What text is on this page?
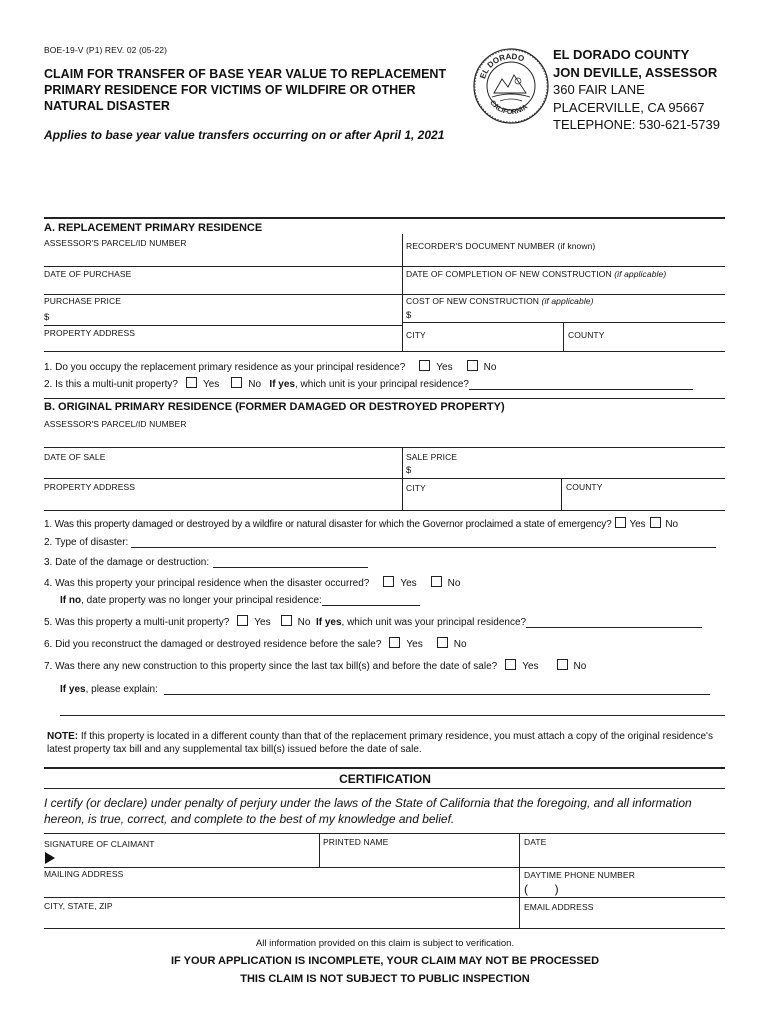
BOE-19-V (P1) REV. 02 (05-22)
CLAIM FOR TRANSFER OF BASE YEAR VALUE TO REPLACEMENT
PRIMARY RESIDENCE FOR VICTIMS OF WILDFIRE OR OTHER
NATURAL DISASTER
Applies to base year value transfers occurring on or after April 1, 2021
EL DORADO
CALIFORNIA
EL DORADO COUNTY
JON DEVILLE, ASSESSOR
360 FAIR LANE
PLACERVILLE, CA 95667
TELEPHONE: 530-621-5739
A. REPLACEMENT PRIMARY RESIDENCE
ASSESSOR'S PARCEL/ID NUMBER	RECORDER'S DOCUMENT NUMBER (if known)
DATE OF PURCHASE	DATE OF COMPLETION OF NEW CONSTRUCTION (if applicable)
PURCHASE PRICE	COST OF NEW CONSTRUCTION (if applicable)
$	$
PROPERTY ADDRESS	CITY	COUNTY
1. Do you occupy the replacement primary residence as your principal residence?	Yes	No
2. Is this a multi-unit property?	Yes	No If yes, which unit is your principal residence?
B. ORIGINAL PRIMARY RESIDENCE (FORMER DAMAGED OR DESTROYED PROPERTY)
ASSESSOR'S PARCEL/ID NUMBER
DATE OF SALE	SALE PRICE
$
PROPERTY ADDRESS	CITY	COUNTY
1. Was this property damaged or destroyed by a wildfire or natural disaster for which the Governor proclaimed a state of emergency? Yes No
2. Type of disaster:
3. Date of the damage or destruction:
4. Was this property your principal residence when the disaster occurred?	Yes	No
If no, date property was no longer your principal residence:
5. Was this property a multi-unit property?	Yes	No If yes, which unit was your principal residence?
6. Did you reconstruct the damaged or destroyed residence before the sale?	Yes	No
7. Was there any new construction to this property since the last tax bill(s) and before the date of sale?	Yes	No
If yes, please explain:
NOTE: If this property is located in a different county than that of the replacement primary residence, you must attach a copy of the original residence's latest property tax bill and any supplemental tax bill(s) issued before the date of sale.
CERTIFICATION
I certify (or declare) under penalty of perjury under the laws of the State of California that the foregoing, and all information hereon, is true, correct, and complete to the best of my knowledge and belief.
SIGNATURE OF CLAIMANT	PRINTED NAME	DATE
MAILING ADDRESS	DAYTIME PHONE NUMBER
(        )
CITY, STATE, ZIP	EMAIL ADDRESS
All information provided on this claim is subject to verification.
IF YOUR APPLICATION IS INCOMPLETE, YOUR CLAIM MAY NOT BE PROCESSED
THIS CLAIM IS NOT SUBJECT TO PUBLIC INSPECTION
